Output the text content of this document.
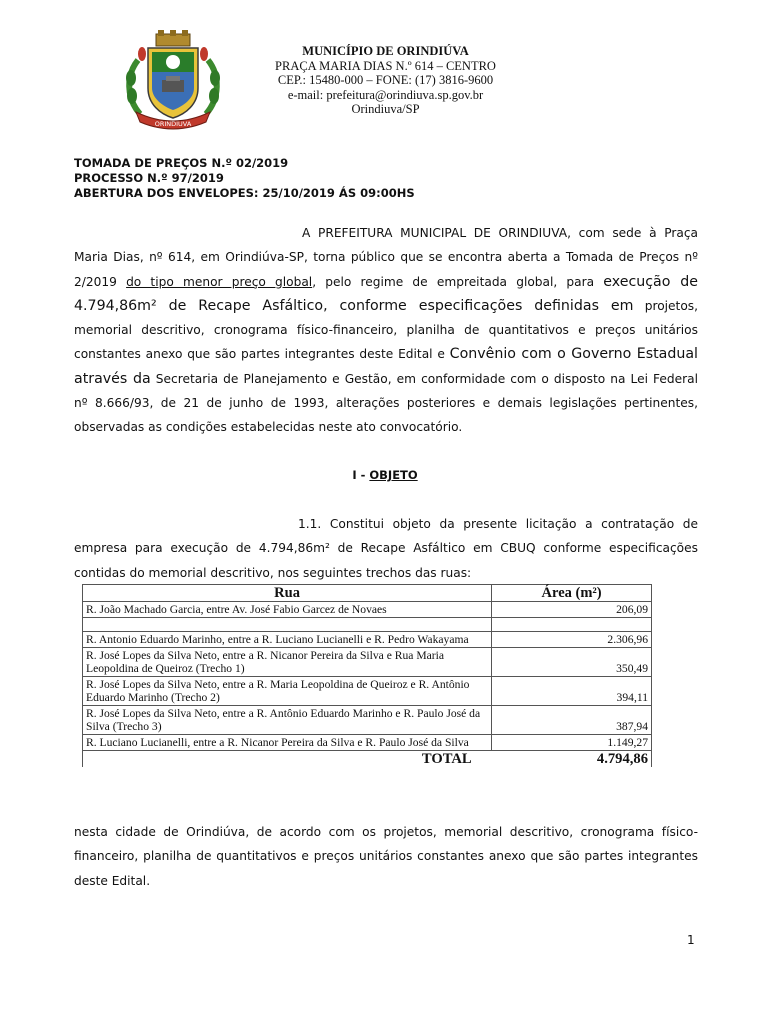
ORINDIUVA
MUNICÍPIO DE ORINDIÚVA
PRAÇA MARIA DIAS N.º 614 – CENTRO
CEP.: 15480-000 – FONE: (17) 3816-9600
e-mail: prefeitura@orindiuva.sp.gov.br
Orindiuva/SP
TOMADA DE PREÇOS N.º 02/2019
PROCESSO N.º 97/2019
ABERTURA DOS ENVELOPES: 25/10/2019 ÁS 09:00HS
A PREFEITURA MUNICIPAL DE ORINDIUVA, com sede à Praça Maria Dias, nº 614, em Orindiúva-SP, torna público que se encontra aberta a Tomada de Preços nº 2/2019 do tipo menor preço global, pelo regime de empreitada global, para execução de 4.794,86m² de Recape Asfáltico, conforme especificações definidas em projetos, memorial descritivo, cronograma físico-financeiro, planilha de quantitativos e preços unitários constantes anexo que são partes integrantes deste Edital e Convênio com o Governo Estadual através da Secretaria de Planejamento e Gestão, em conformidade com o disposto na Lei Federal nº 8.666/93, de 21 de junho de 1993, alterações posteriores e demais legislações pertinentes, observadas as condições estabelecidas neste ato convocatório.
I - OBJETO
1.1. Constitui objeto da presente licitação a contratação de empresa para execução de 4.794,86m² de Recape Asfáltico em CBUQ conforme especificações contidas do memorial descritivo, nos seguintes trechos das ruas:
Rua	Área (m²)
R. João Machado Garcia, entre Av. José Fabio Garcez de Novaes	206,09

R. Antonio Eduardo Marinho, entre a R. Luciano Lucianelli e R. Pedro Wakayama	2.306,96
R. José Lopes da Silva Neto, entre a R. Nicanor Pereira da Silva e Rua Maria Leopoldina de Queiroz (Trecho 1)	350,49
R. José Lopes da Silva Neto, entre a R. Maria Leopoldina de Queiroz e R. Antônio Eduardo Marinho (Trecho 2)	394,11
R. José Lopes da Silva Neto, entre a R. Antônio Eduardo Marinho e R. Paulo José da Silva (Trecho 3)	387,94
R. Luciano Lucianelli, entre a R. Nicanor Pereira da Silva e R. Paulo José da Silva	1.149,27
TOTAL	4.794,86
nesta cidade de Orindiúva, de acordo com os projetos, memorial descritivo, cronograma físico-financeiro, planilha de quantitativos e preços unitários constantes anexo que são partes integrantes deste Edital.
1
